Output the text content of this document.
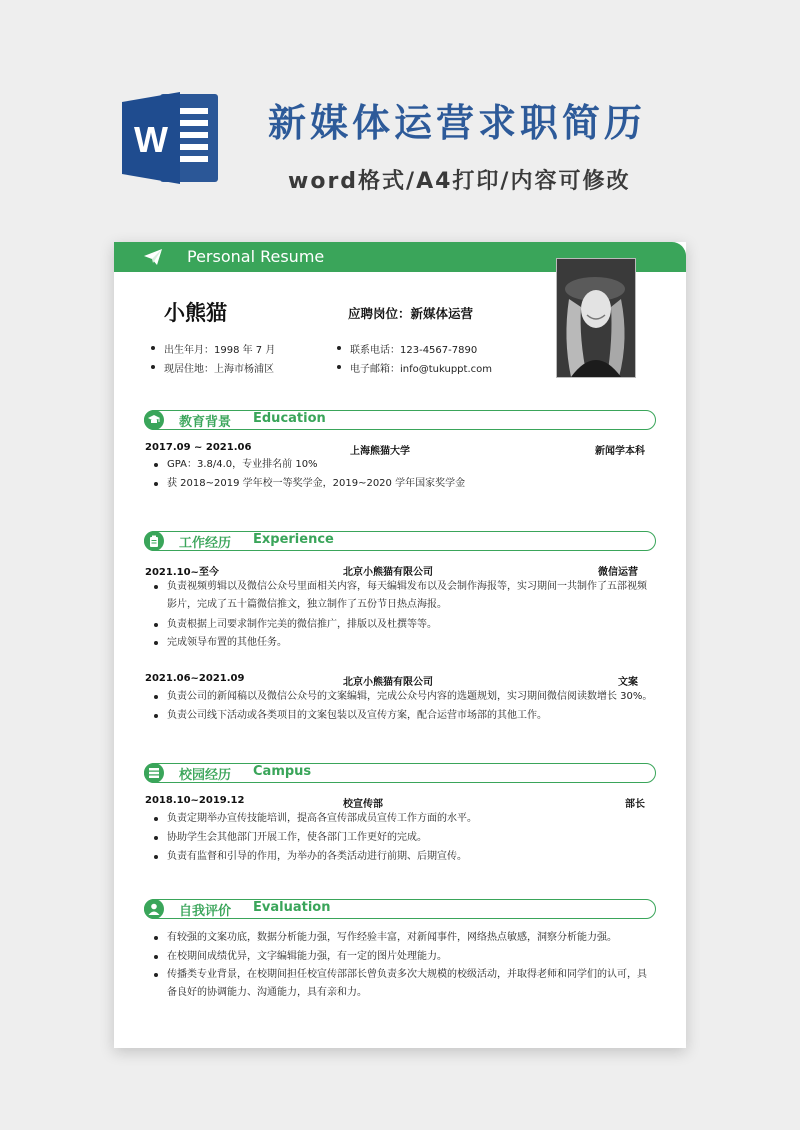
W	新媒体运营求职简历
word格式/A4打印/内容可修改
Personal Resume
小熊猫	应聘岗位：新媒体运营
出生年月：1998 年 7 月	联系电话：123-4567-7890
现居住地：上海市杨浦区	电子邮箱：info@tukuppt.com
教育背景 Education
2017.09 ~ 2021.06	上海熊猫大学	新闻学本科
GPA：3.8/4.0，专业排名前 10%
获 2018~2019 学年校一等奖学金，2019~2020 学年国家奖学金
工作经历 Experience
2021.10~至今	北京小熊猫有限公司	微信运营
负责视频剪辑以及微信公众号里面相关内容，每天编辑发布以及会制作海报等，实习期间一共制作了五部视频影片，完成了五十篇微信推文，独立制作了五份节日热点海报。
负责根据上司要求制作完美的微信推广，排版以及杜撰等等。
完成领导布置的其他任务。
2021.06~2021.09	北京小熊猫有限公司	文案
负责公司的新闻稿以及微信公众号的文案编辑，完成公众号内容的选题规划，实习期间微信阅读数增长 30%。
负责公司线下活动或各类项目的文案包装以及宣传方案，配合运营市场部的其他工作。
校园经历 Campus
2018.10~2019.12	校宣传部	部长
负责定期举办宣传技能培训，提高各宣传部成员宣传工作方面的水平。
协助学生会其他部门开展工作，使各部门工作更好的完成。
负责有监督和引导的作用，为举办的各类活动进行前期、后期宣传。
自我评价 Evaluation
有较强的文案功底，数据分析能力强，写作经验丰富，对新闻事件，网络热点敏感，洞察分析能力强。
在校期间成绩优异，文字编辑能力强，有一定的图片处理能力。
传播类专业背景，在校期间担任校宣传部部长曾负责多次大规模的校级活动，并取得老师和同学们的认可，具备良好的协调能力、沟通能力，具有亲和力。
